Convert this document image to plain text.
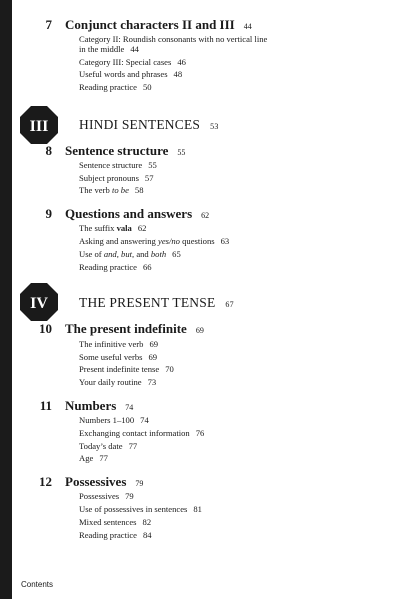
7 Conjunct characters II and III 44
Category II: Roundish consonants with no vertical line
in the middle 44
Category III: Special cases 46
Useful words and phrases 48
Reading practice 50
III HINDI SENTENCES 53
8 Sentence structure 55
Sentence structure 55
Subject pronouns 57
The verb to be 58
9 Questions and answers 62
The suffix vala 62
Asking and answering yes/no questions 63
Use of and, but, and both 65
Reading practice 66
IV THE PRESENT TENSE 67
10 The present indefinite 69
The infinitive verb 69
Some useful verbs 69
Present indefinite tense 70
Your daily routine 73
11 Numbers 74
Numbers 1–100 74
Exchanging contact information 76
Today’s date 77
Age 77
12 Possessives 79
Possessives 79
Use of possessives in sentences 81
Mixed sentences 82
Reading practice 84
Contents
